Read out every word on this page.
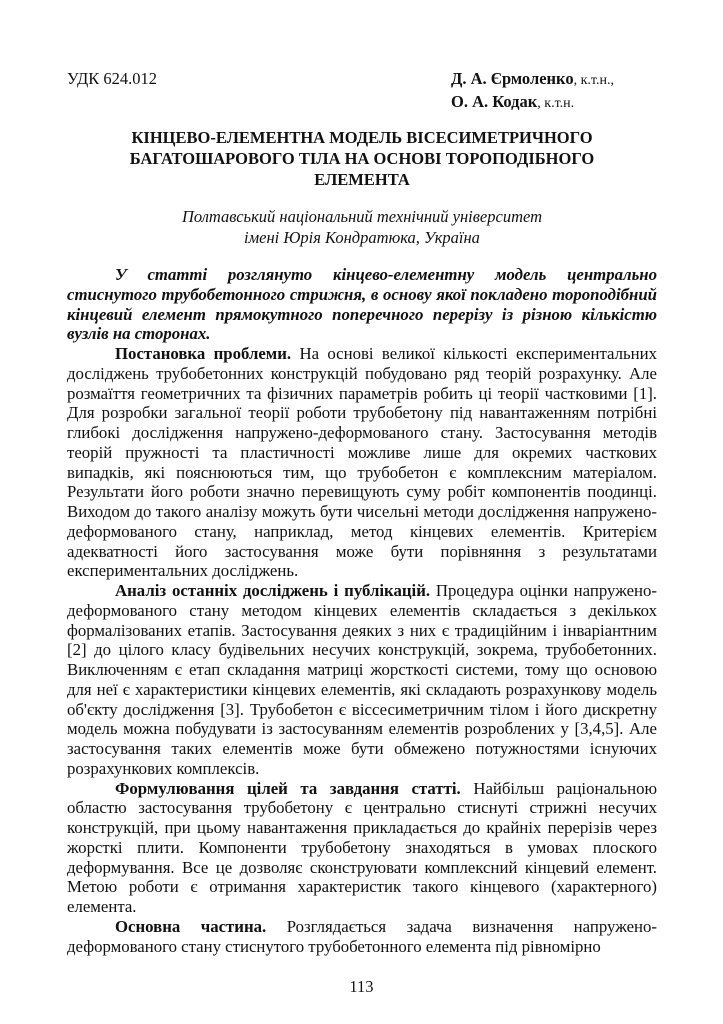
УДК 624.012	Д. А. Єрмоленко, к.т.н.,
О. А. Кодак, к.т.н.
КІНЦЕВО-ЕЛЕМЕНТНА МОДЕЛЬ ВІСЕСИМЕТРИЧНОГО
БАГАТОШАРОВОГО ТІЛА НА ОСНОВІ ТОРОПОДІБНОГО
ЕЛЕМЕНТА
Полтавський національний технічний університет
імені Юрія Кондратюка, Україна

У статті розглянуто кінцево-елементну модель центрально стиснутого трубобетонного стрижня, в основу якої покладено тороподібний кінцевий елемент прямокутного поперечного перерізу із різною кількістю вузлів на сторонах.

Постановка проблеми. На основі великої кількості експериментальних досліджень трубобетонних конструкцій побудовано ряд теорій розрахунку. Але розмаїття геометричних та фізичних параметрів робить ці теорії частковими [1]. Для розробки загальної теорії роботи трубобетону під навантаженням потрібні глибокі дослідження напружено-деформованого стану. Застосування методів теорій пружності та пластичності можливе лише для окремих часткових випадків, які пояснюються тим, що трубобетон є комплексним матеріалом. Результати його роботи значно перевищують суму робіт компонентів поодинці. Виходом до такого аналізу можуть бути чисельні методи дослідження напружено-деформованого стану, наприклад, метод кінцевих елементів. Критерієм адекватності його застосування може бути порівняння з результатами експериментальних досліджень.

Аналіз останніх досліджень і публікацій. Процедура оцінки напружено-деформованого стану методом кінцевих елементів складається з декількох формалізованих етапів. Застосування деяких з них є традиційним і інваріантним [2] до цілого класу будівельних несучих конструкцій, зокрема, трубобетонних. Виключенням є етап складання матриці жорсткості системи, тому що основою для неї є характеристики кінцевих елементів, які складають розрахункову модель об'єкту дослідження [3]. Трубобетон є віссесиметричним тілом і його дискретну модель можна побудувати із застосуванням елементів розроблених у [3,4,5]. Але застосування таких елементів може бути обмежено потужностями існуючих розрахункових комплексів.

Формулювання цілей та завдання статті. Найбільш раціональною областю застосування трубобетону є центрально стиснуті стрижні несучих конструкцій, при цьому навантаження прикладається до крайніх перерізів через жорсткі плити. Компоненти трубобетону знаходяться в умовах плоского деформування. Все це дозволяє сконструювати комплексний кінцевий елемент. Метою роботи є отримання характеристик такого кінцевого (характерного) елемента.

Основна частина. Розглядається задача визначення напружено-деформованого стану стиснутого трубобетонного елемента під рівномірно

113
